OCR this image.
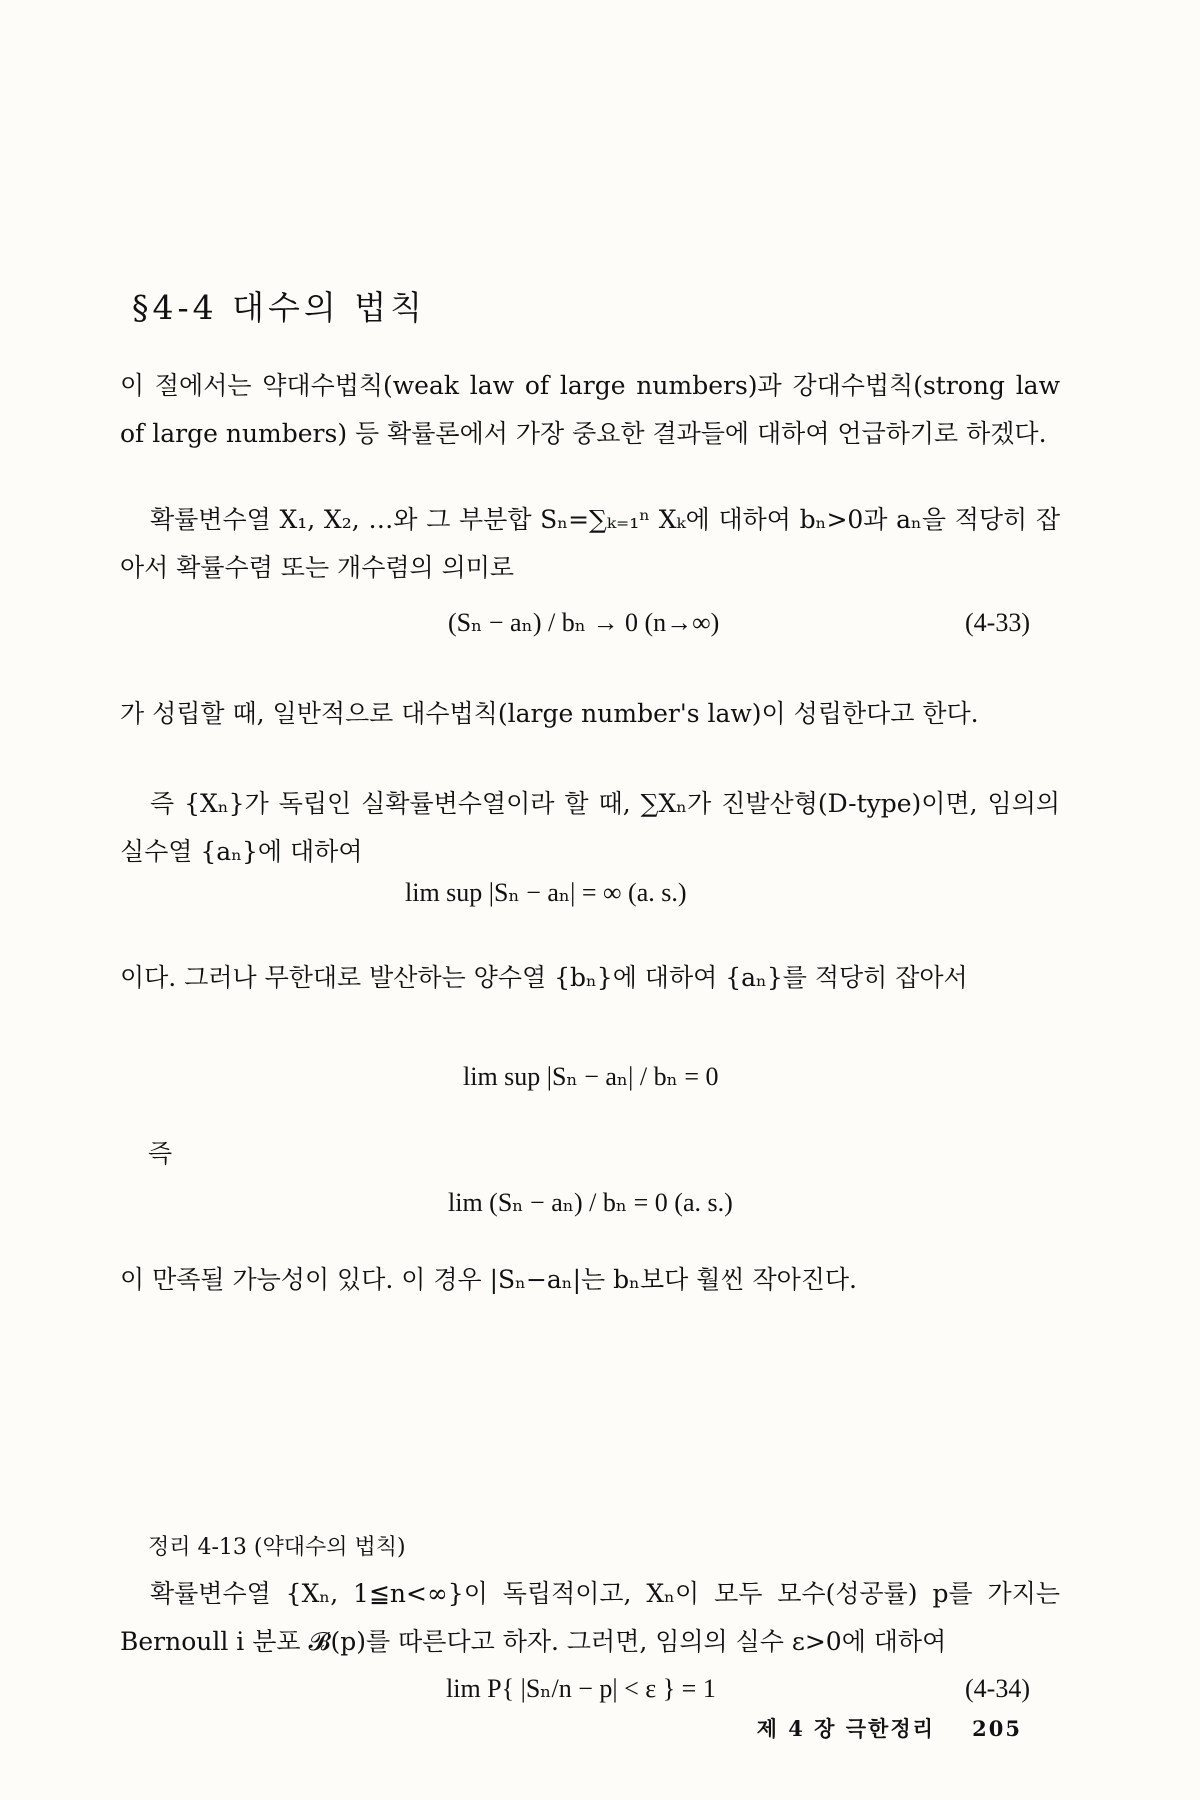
§4-4 대수의 법칙
이 절에서는 약대수법칙(weak law of large numbers)과 강대수법칙(strong law of large numbers) 등 확률론에서 가장 중요한 결과들에 대하여 언급하기로 하겠다.
확률변수열 X₁, X₂, …와 그 부분합 Sₙ=∑ₖ₌₁ⁿ Xₖ에 대하여 bₙ>0과 aₙ을 적당히 잡아서 확률수렴 또는 개수렴의 의미로
(Sₙ − aₙ) / bₙ → 0 (n→∞)	(4-33)
가 성립할 때, 일반적으로 대수법칙(large number's law)이 성립한다고 한다.
즉 {Xₙ}가 독립인 실확률변수열이라 할 때, ∑Xₙ가 진발산형(D-type)이면, 임의의 실수열 {aₙ}에 대하여
lim sup |Sₙ − aₙ| = ∞ (a. s.)
이다. 그러나 무한대로 발산하는 양수열 {bₙ}에 대하여 {aₙ}를 적당히 잡아서
lim sup |Sₙ − aₙ| / bₙ = 0
즉
lim (Sₙ − aₙ) / bₙ = 0 (a. s.)
이 만족될 가능성이 있다. 이 경우 |Sₙ−aₙ|는 bₙ보다 훨씬 작아진다.
정리 4-13 (약대수의 법칙)
확률변수열 {Xₙ, 1≦n<∞}이 독립적이고, Xₙ이 모두 모수(성공률) p를 가지는 Bernoull i 분포 𝓑(p)를 따른다고 하자. 그러면, 임의의 실수 ε>0에 대하여
lim P{ |Sₙ/n − p| < ε } = 1	(4-34)
제 4 장 극한정리 205
